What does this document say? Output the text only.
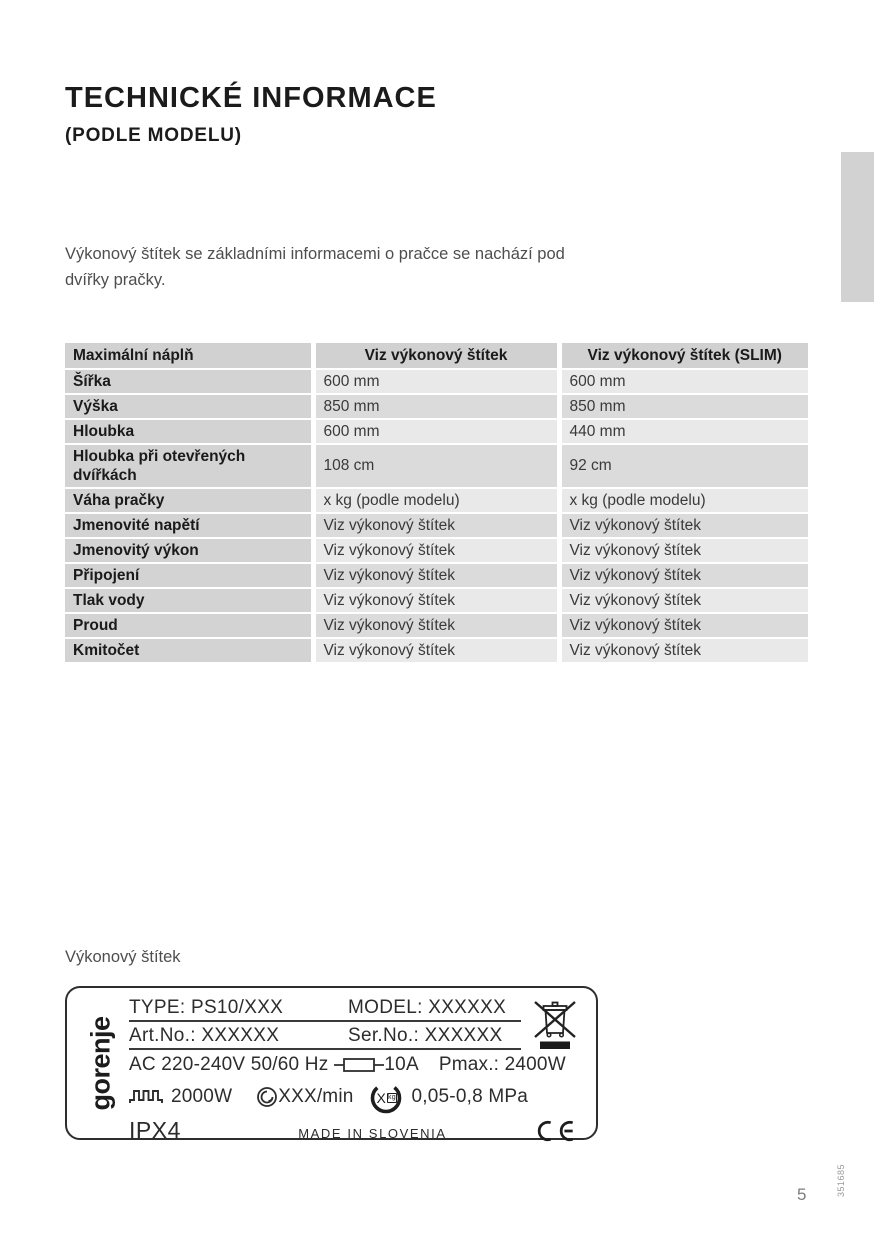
TECHNICKÉ INFORMACE
(PODLE MODELU)

Výkonový štítek se základními informacemi o pračce se nachází pod dvířky pračky.

Maximální náplň	Viz výkonový štítek	Viz výkonový štítek (SLIM)
Šířka	600 mm	600 mm
Výška	850 mm	850 mm
Hloubka	600 mm	440 mm
Hloubka při otevřených dvířkách	108 cm	92 cm
Váha pračky	x kg (podle modelu)	x kg (podle modelu)
Jmenovité napětí	Viz výkonový štítek	Viz výkonový štítek
Jmenovitý výkon	Viz výkonový štítek	Viz výkonový štítek
Připojení	Viz výkonový štítek	Viz výkonový štítek
Tlak vody	Viz výkonový štítek	Viz výkonový štítek
Proud	Viz výkonový štítek	Viz výkonový štítek
Kmitočet	Viz výkonový štítek	Viz výkonový štítek
Výkonový štítek
gorenje
TYPE: PS10/XXX	MODEL: XXXXXX
Art.No.: XXXXXX	Ser.No.: XXXXXX
AC 220-240V 50/60 Hz	10A Pmax.: 2400W
2000W XXX/min X kg 0,05-0,8 MPa
IPX4	MADE IN SLOVENIA
5	351685
